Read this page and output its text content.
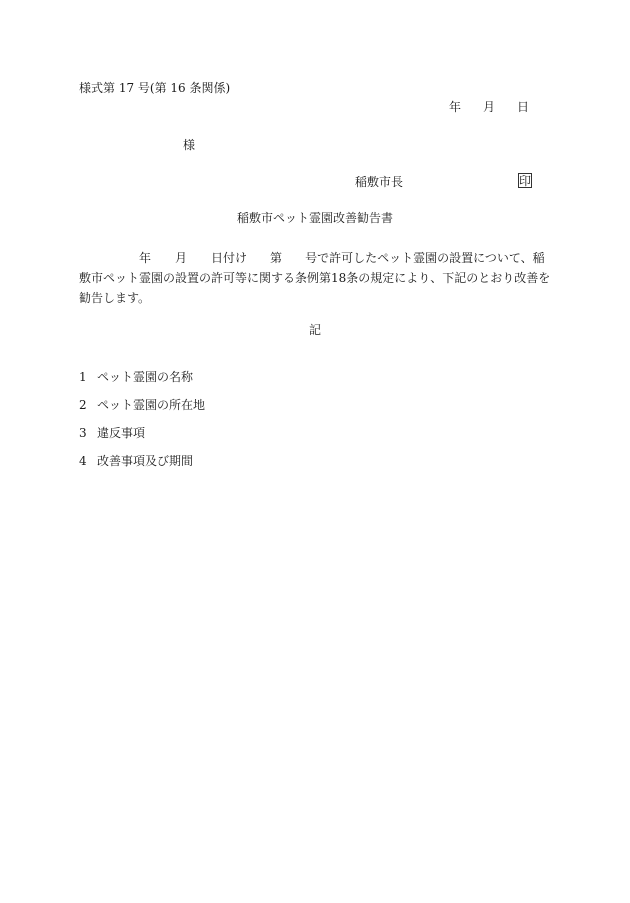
様式第 17 号(第 16 条関係)
年 月 日
様
稲敷市長	印
稲敷市ペット霊園改善勧告書
年 月 日付け 第 号で許可したペット霊園の設置について、稲
敷市ペット霊園の設置の許可等に関する条例第18条の規定により、下記のとおり改善を
勧告します。
記
1 ペット霊園の名称
2 ペット霊園の所在地
3 違反事項
4 改善事項及び期間
